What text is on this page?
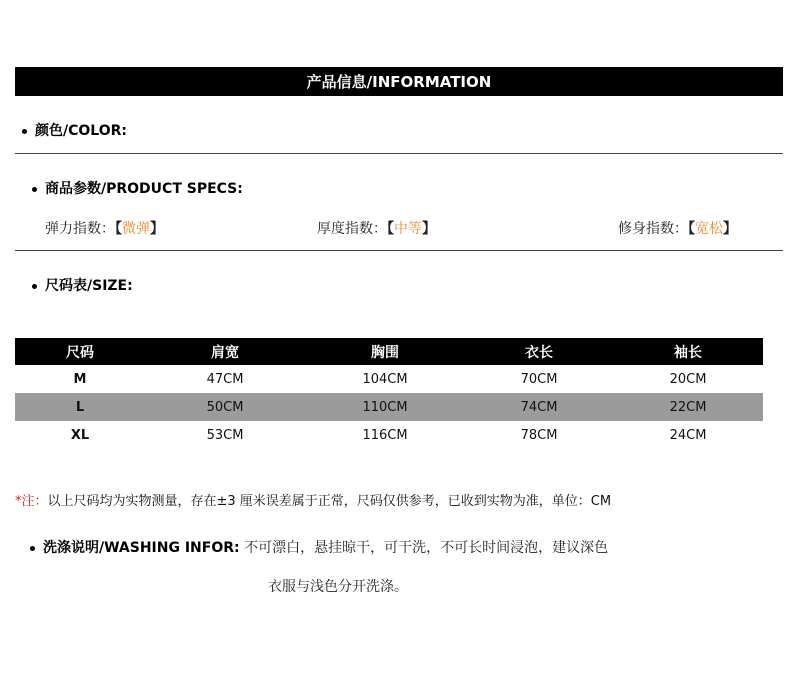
产品信息/INFORMATION
颜色/COLOR:
商品参数/PRODUCT SPECS:
弹力指数：【微弹】	厚度指数：【中等】	修身指数：【宽松】
尺码表/SIZE:
尺码	肩宽	胸围	衣长	袖长
M	47CM	104CM	70CM	20CM
L	50CM	110CM	74CM	22CM
XL	53CM	116CM	78CM	24CM
*注：以上尺码均为实物测量，存在±3 厘米误差属于正常，尺码仅供参考，已收到实物为准，单位：CM
洗涤说明/WASHING INFOR: 不可漂白，悬挂晾干，可干洗，不可长时间浸泡，建议深色
衣服与浅色分开洗涤。
